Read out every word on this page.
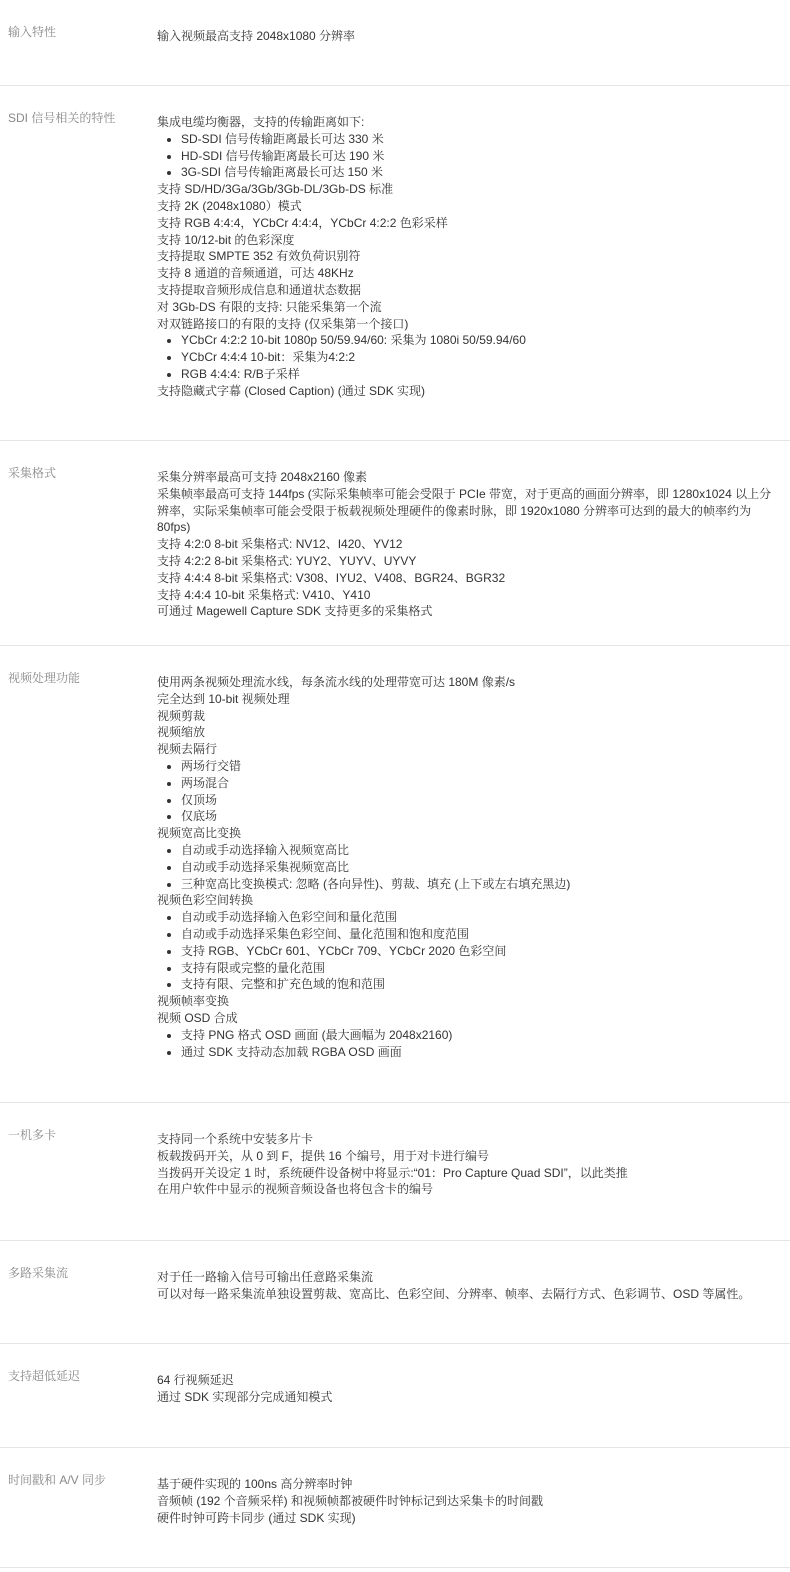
输入特性	输入视频最高支持 2048x1080 分辨率
SDI 信号相关的特性	集成电缆均衡器，支持的传输距离如下:
• SD-SDI 信号传输距离最长可达 330 米
• HD-SDI 信号传输距离最长可达 190 米
• 3G-SDI 信号传输距离最长可达 150 米
支持 SD/HD/3Ga/3Gb/3Gb-DL/3Gb-DS 标准
支持 2K (2048x1080）模式
支持 RGB 4:4:4，YCbCr 4:4:4，YCbCr 4:2:2 色彩采样
支持 10/12-bit 的色彩深度
支持提取 SMPTE 352 有效负荷识别符
支持 8 通道的音频通道，可达 48KHz
支持提取音频形成信息和通道状态数据
对 3Gb-DS 有限的支持: 只能采集第一个流
对双链路接口的有限的支持 (仅采集第一个接口)
• YCbCr 4:2:2 10-bit 1080p 50/59.94/60: 采集为 1080i 50/59.94/60
• YCbCr 4:4:4 10-bit：采集为4:2:2
• RGB 4:4:4: R/B子采样
支持隐藏式字幕 (Closed Caption) (通过 SDK 实现)
采集格式	采集分辨率最高可支持 2048x2160 像素
采集帧率最高可支持 144fps (实际采集帧率可能会受限于 PCIe 带宽，对于更高的画面分辨率，即 1280x1024 以上分辨率，实际采集帧率可能会受限于板载视频处理硬件的像素时脉，即 1920x1080 分辨率可达到的最大的帧率约为 80fps)
支持 4:2:0 8-bit 采集格式: NV12、I420、YV12
支持 4:2:2 8-bit 采集格式: YUY2、YUYV、UYVY
支持 4:4:4 8-bit 采集格式: V308、IYU2、V408、BGR24、BGR32
支持 4:4:4 10-bit 采集格式: V410、Y410
可通过 Magewell Capture SDK 支持更多的采集格式
视频处理功能	使用两条视频处理流水线，每条流水线的处理带宽可达 180M 像素/s
完全达到 10-bit 视频处理
视频剪裁
视频缩放
视频去隔行
• 两场行交错
• 两场混合
• 仅顶场
• 仅底场
视频宽高比变换
• 自动或手动选择输入视频宽高比
• 自动或手动选择采集视频宽高比
• 三种宽高比变换模式: 忽略 (各向异性)、剪裁、填充 (上下或左右填充黑边)
视频色彩空间转换
• 自动或手动选择输入色彩空间和量化范围
• 自动或手动选择采集色彩空间、量化范围和饱和度范围
• 支持 RGB、YCbCr 601、YCbCr 709、YCbCr 2020 色彩空间
• 支持有限或完整的量化范围
• 支持有限、完整和扩充色域的饱和范围
视频帧率变换
视频 OSD 合成
• 支持 PNG 格式 OSD 画面 (最大画幅为 2048x2160)
• 通过 SDK 支持动态加载 RGBA OSD 画面
一机多卡	支持同一个系统中安装多片卡
板载拨码开关，从 0 到 F，提供 16 个编号，用于对卡进行编号
当拨码开关设定 1 时，系统硬件设备树中将显示:“01：Pro Capture Quad SDI”，以此类推
在用户软件中显示的视频音频设备也将包含卡的编号
多路采集流	对于任一路输入信号可输出任意路采集流
可以对每一路采集流单独设置剪裁、宽高比、色彩空间、分辨率、帧率、去隔行方式、色彩调节、OSD 等属性。
支持超低延迟	64 行视频延迟
通过 SDK 实现部分完成通知模式
时间戳和 A/V 同步	基于硬件实现的 100ns 高分辨率时钟
音频帧 (192 个音频采样) 和视频帧都被硬件时钟标记到达采集卡的时间戳
硬件时钟可跨卡同步 (通过 SDK 实现)
